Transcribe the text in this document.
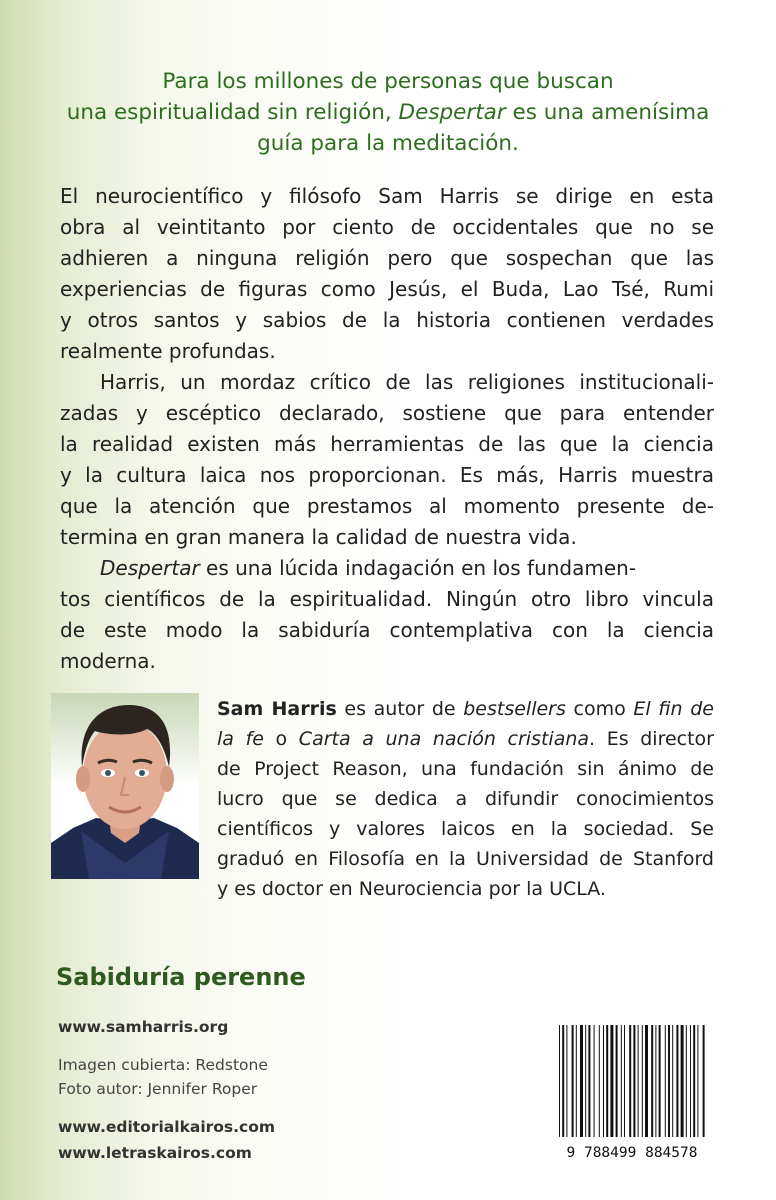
Para los millones de personas que buscan
una espiritualidad sin religión, Despertar es una amenísima
guía para la meditación.
El neurocientífico y filósofo Sam Harris se dirige en esta
obra al veintitanto por ciento de occidentales que no se
adhieren a ninguna religión pero que sospechan que las
experiencias de figuras como Jesús, el Buda, Lao Tsé, Rumi
y otros santos y sabios de la historia contienen verdades
realmente profundas.
Harris, un mordaz crítico de las religiones institucionali-
zadas y escéptico declarado, sostiene que para entender
la realidad existen más herramientas de las que la ciencia
y la cultura laica nos proporcionan. Es más, Harris muestra
que la atención que prestamos al momento presente de-
termina en gran manera la calidad de nuestra vida.
Despertar es una lúcida indagación en los fundamen-
tos científicos de la espiritualidad. Ningún otro libro vincula
de este modo la sabiduría contemplativa con la ciencia
moderna.
Sam Harris es autor de bestsellers como El fin de
la fe o Carta a una nación cristiana. Es director
de Project Reason, una fundación sin ánimo de
lucro que se dedica a difundir conocimientos
científicos y valores laicos en la sociedad. Se
graduó en Filosofía en la Universidad de Stanford
y es doctor en Neurociencia por la UCLA.
Sabiduría perenne
www.samharris.org
Imagen cubierta: Redstone
Foto autor: Jennifer Roper
www.editorialkairos.com
www.letraskairos.com	9 788499 884578
